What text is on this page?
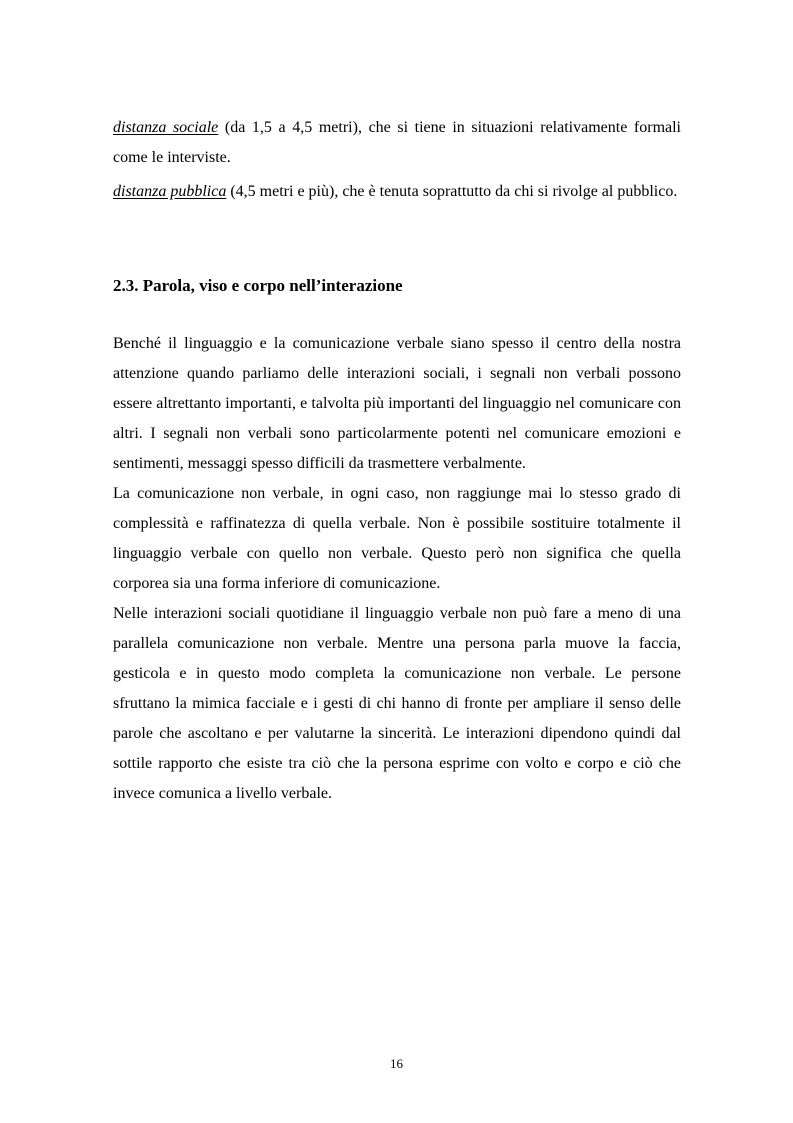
distanza sociale (da 1,5 a 4,5 metri), che si tiene in situazioni relativamente formali come le interviste.

distanza pubblica (4,5 metri e più), che è tenuta soprattutto da chi si rivolge al pubblico.

2.3. Parola, viso e corpo nell’interazione

Benché il linguaggio e la comunicazione verbale siano spesso il centro della nostra attenzione quando parliamo delle interazioni sociali, i segnali non verbali possono essere altrettanto importanti, e talvolta più importanti del linguaggio nel comunicare con altri. I segnali non verbali sono particolarmente potenti nel comunicare emozioni e sentimenti, messaggi spesso difficili da trasmettere verbalmente.

La comunicazione non verbale, in ogni caso, non raggiunge mai lo stesso grado di complessità e raffinatezza di quella verbale. Non è possibile sostituire totalmente il linguaggio verbale con quello non verbale. Questo però non significa che quella corporea sia una forma inferiore di comunicazione.

Nelle interazioni sociali quotidiane il linguaggio verbale non può fare a meno di una parallela comunicazione non verbale. Mentre una persona parla muove la faccia, gesticola e in questo modo completa la comunicazione non verbale. Le persone sfruttano la mimica facciale e i gesti di chi hanno di fronte per ampliare il senso delle parole che ascoltano e per valutarne la sincerità. Le interazioni dipendono quindi dal sottile rapporto che esiste tra ciò che la persona esprime con volto e corpo e ciò che invece comunica a livello verbale.

16
